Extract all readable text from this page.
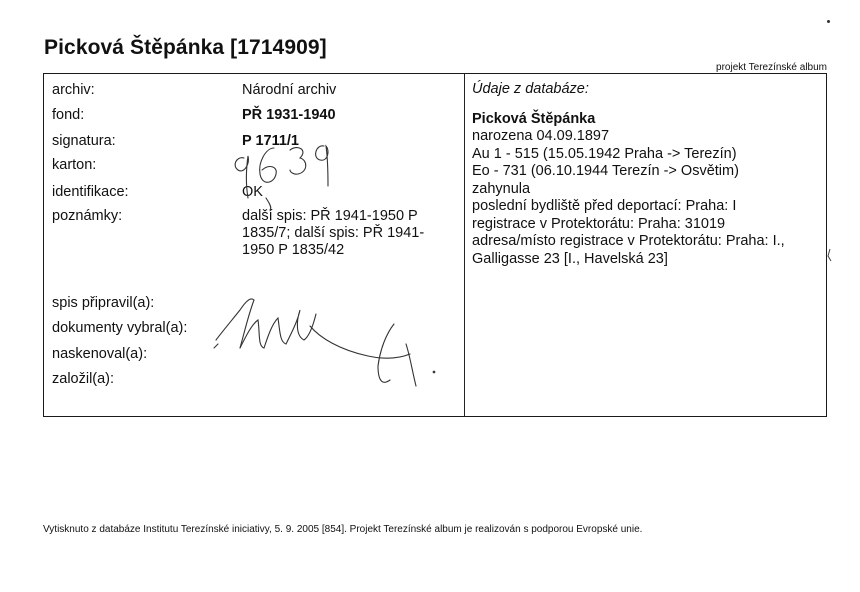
Picková Štěpánka [1714909]
projekt Terezínské album
archiv:	Národní archiv
fond:	PŘ 1931-1940
signatura:	P 1711/1
karton:
identifikace:	OK
poznámky:	další spis: PŘ 1941-1950 P 1835/7; další spis: PŘ 1941-1950 P 1835/42
spis připravil(a):
dokumenty vybral(a):
naskenoval(a):
založil(a):
Údaje z databáze:
Picková Štěpánka
narozena 04.09.1897
Au 1 - 515 (15.05.1942 Praha -> Terezín)
Eo - 731 (06.10.1944 Terezín -> Osvětim)
zahynula
poslední bydliště před deportací: Praha: I
registrace v Protektorátu: Praha: 31019
adresa/místo registrace v Protektorátu: Praha: I., Galligasse 23 [I., Havelská 23]
Vytisknuto z databáze Institutu Terezínské iniciativy, 5. 9. 2005 [854]. Projekt Terezínské album je realizován s podporou Evropské unie.
